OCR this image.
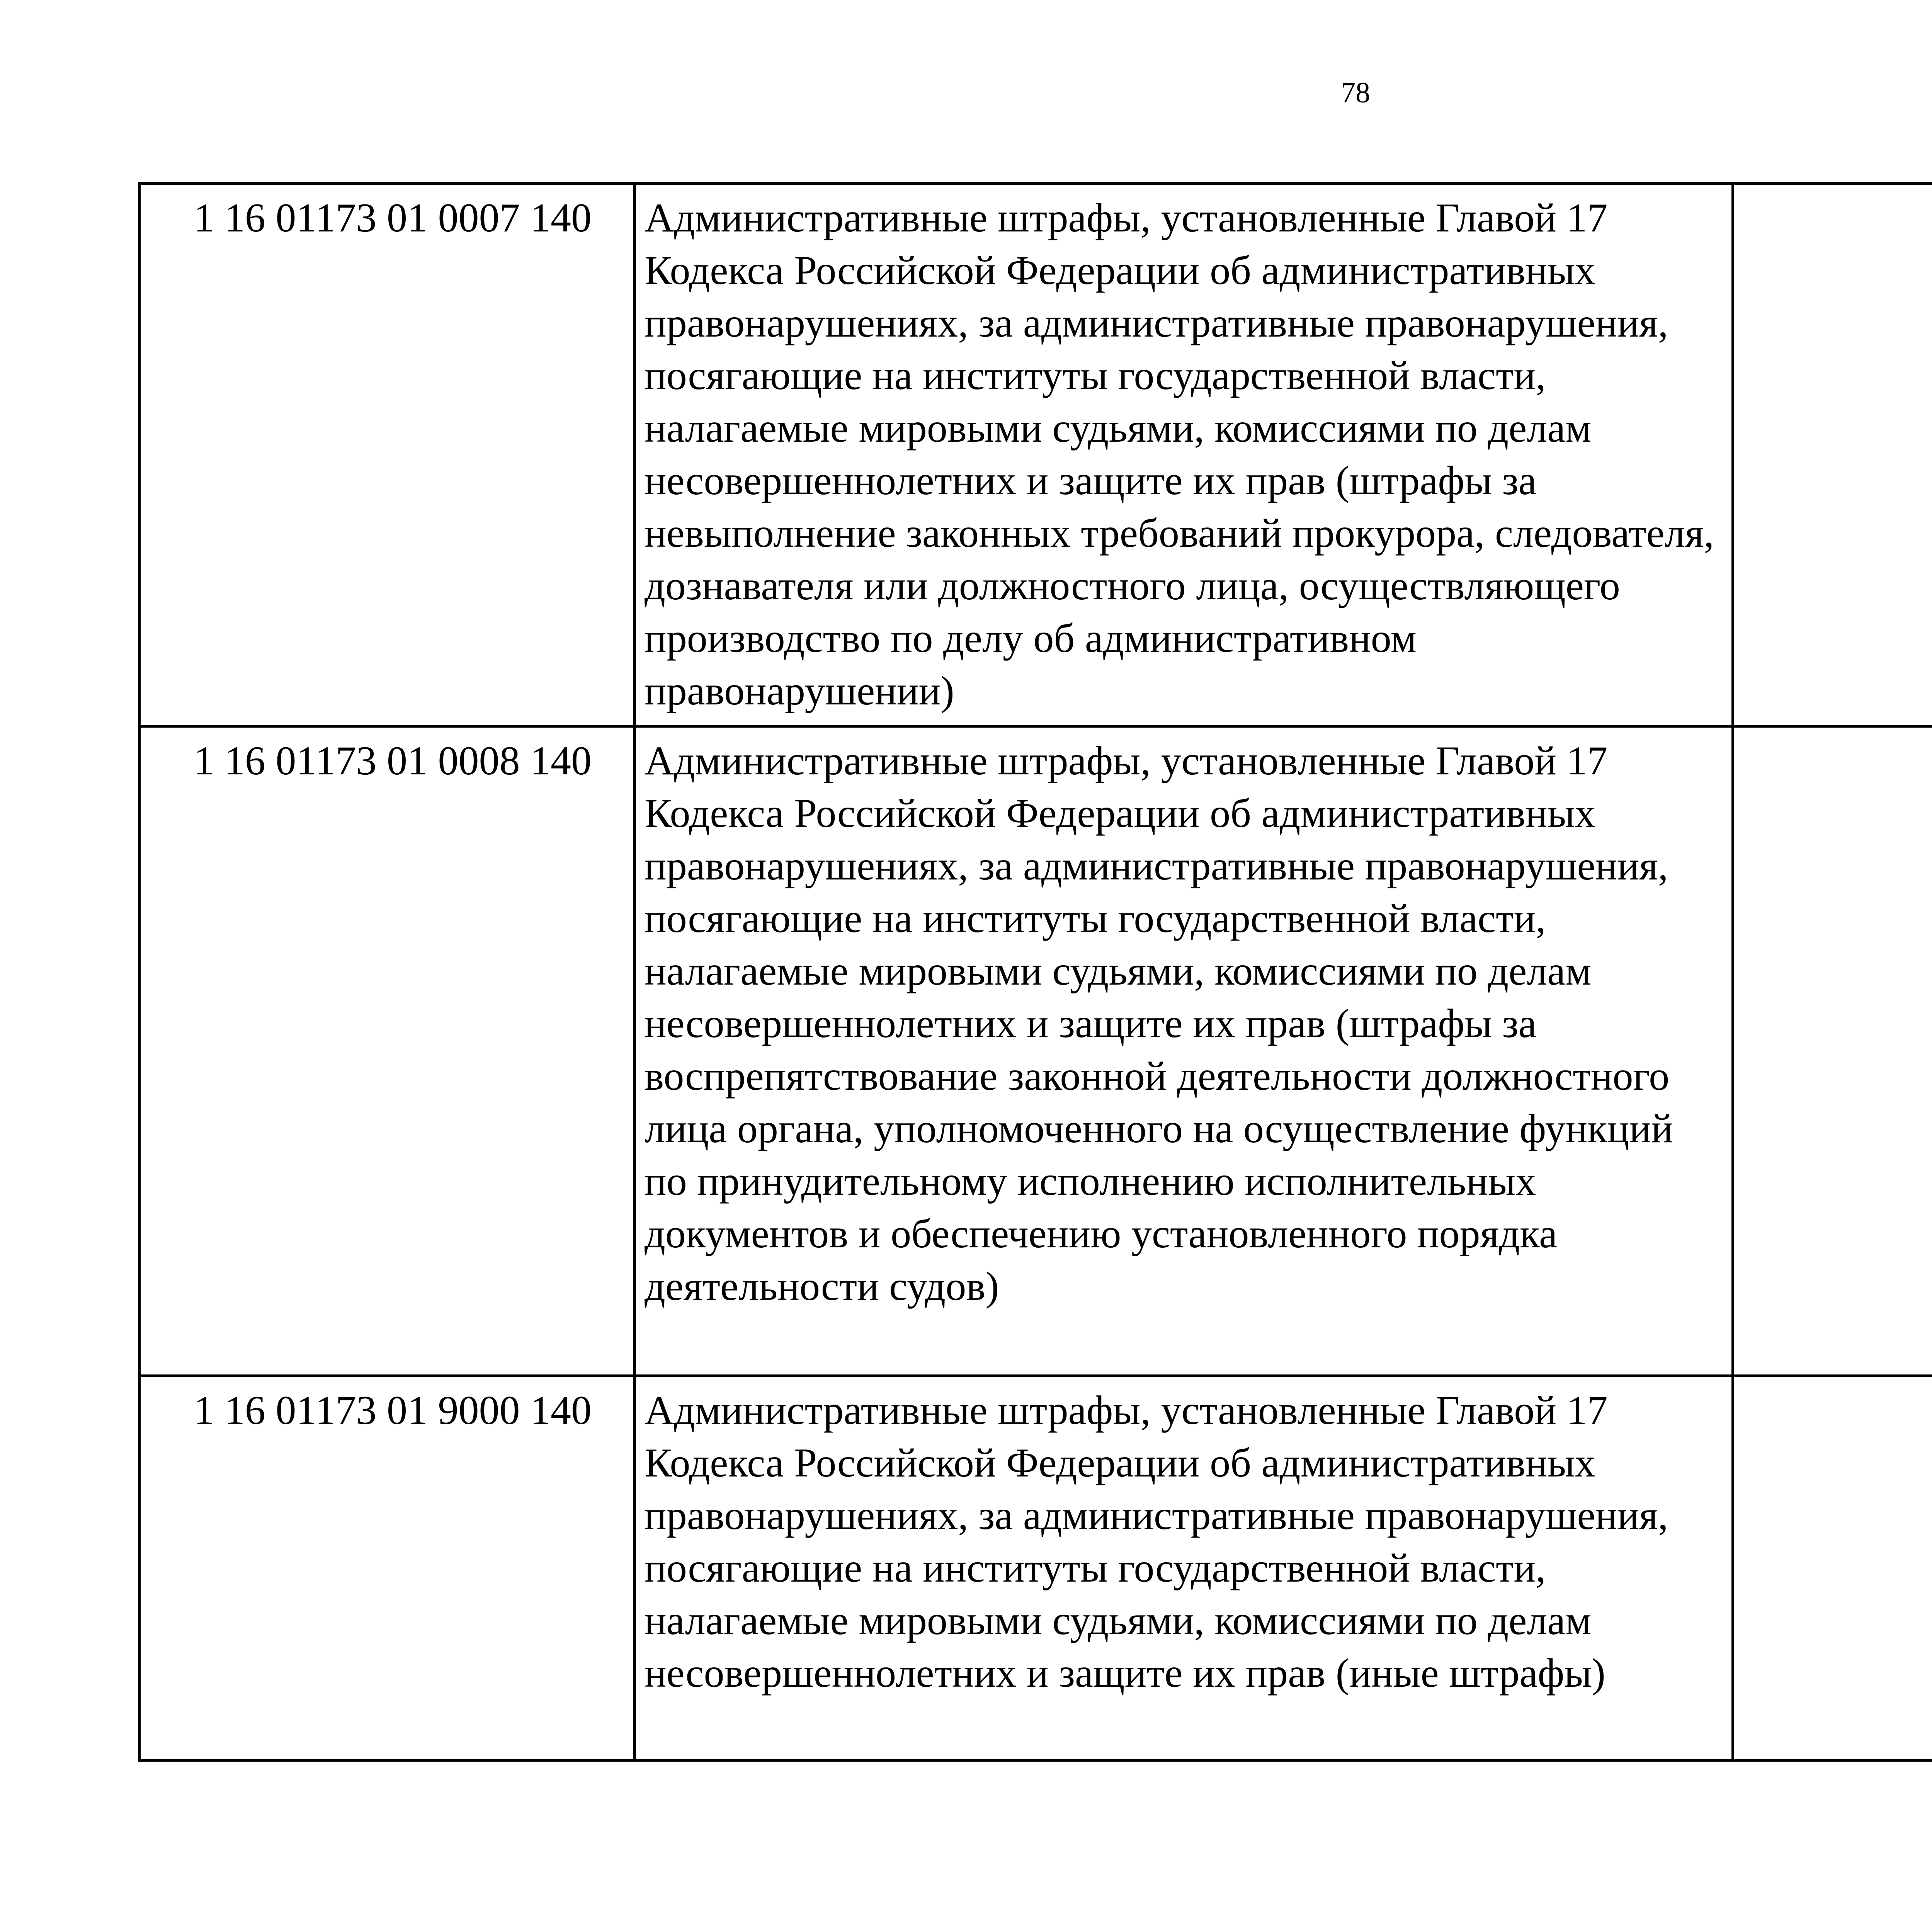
78
1 16 01173 01 0007 140	Административные штрафы, установленные Главой 17 Кодекса Российской Федерации об административных правонарушениях, за административные правонарушения, посягающие на институты государственной власти, налагаемые мировыми судьями, комиссиями по делам несовершеннолетних и защите их прав (штрафы за невыполнение законных требований прокурора, следователя, дознавателя или должностного лица, осуществляющего производство по делу об административном правонарушении)			
1 16 01173 01 0008 140	Административные штрафы, установленные Главой 17 Кодекса Российской Федерации об административных правонарушениях, за административные правонарушения, посягающие на институты государственной власти, налагаемые мировыми судьями, комиссиями по делам несовершеннолетних и защите их прав (штрафы за воспрепятствование законной деятельности должностного лица органа, уполномоченного на осуществление функций по принудительному исполнению исполнительных документов и обеспечению установленного порядка деятельности судов)			
1 16 01173 01 9000 140	Административные штрафы, установленные Главой 17 Кодекса Российской Федерации об административных правонарушениях, за административные правонарушения, посягающие на институты государственной власти, налагаемые мировыми судьями, комиссиями по делам несовершеннолетних и защите их прав (иные штрафы)			
